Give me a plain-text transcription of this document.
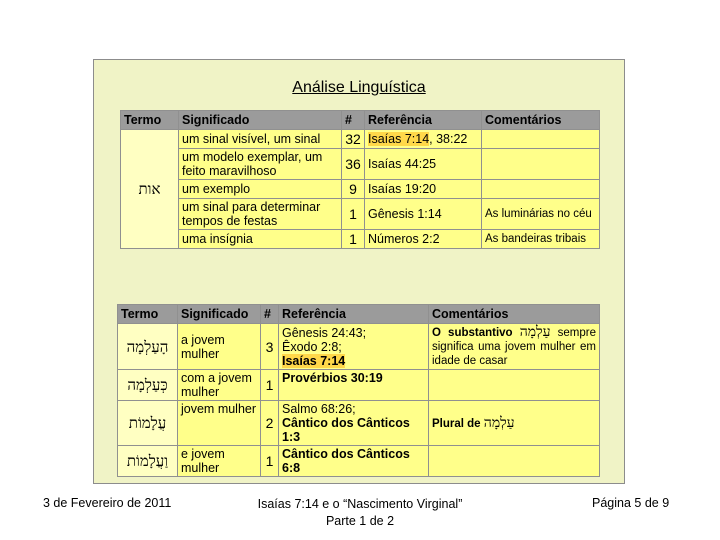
Análise Linguística
Termo	Significado	#	Referência	Comentários
אות	um sinal visível, um sinal	32	Isaías 7:14, 38:22	
	um modelo exemplar, um feito maravilhoso	36	Isaías 44:25	
	um exemplo	9	Isaías 19:20	
	um sinal para determinar tempos de festas	1	Gênesis 1:14	As luminárias no céu
	uma insígnia	1	Números 2:2	As bandeiras tribais
Termo	Significado	#	Referência	Comentários
הָעַלְמָה	a jovem mulher	3	Gênesis 24:43;
Êxodo 2:8;
Isaías 7:14	O substantivo עַלְמָה sempre significa uma jovem mulher em idade de casar
כְּעַלְמָה	com a jovem mulher	1	Provérbios 30:19	
עֲלָמוֹת	jovem mulher	2	Salmo 68:26;
Cântico dos Cânticos 1:3	Plural de עַלְמָה
וַעֲלָמוֹת	e jovem mulher	1	Cântico dos Cânticos 6:8	
3 de Fevereiro de 2011	Isaías 7:14 e o “Nascimento Virginal”
Parte 1 de 2
Página 5 de 9
